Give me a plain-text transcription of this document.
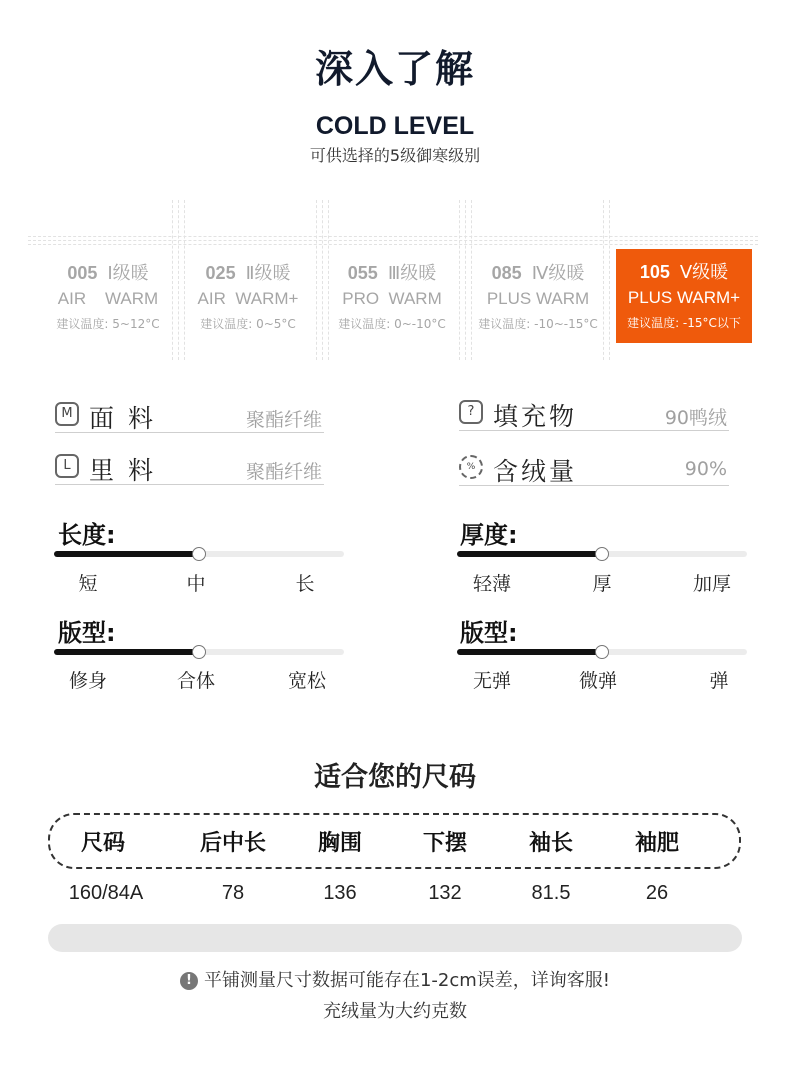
深入了解
COLD LEVEL
可供选择的5级御寒级别
005 Ⅰ级暖
AIR    WARM
建议温度: 5~12°C
025 Ⅱ级暖
AIR  WARM+
建议温度: 0~5°C
055 Ⅲ级暖
PRO  WARM
建议温度: 0~-10°C
085 Ⅳ级暖
PLUS WARM
建议温度: -10~-15°C
105 Ⅴ级暖
PLUS WARM+
建议温度: -15°C以下
M 面 料	聚酯纤维	? 填充物	90鸭绒
L 里 料	聚酯纤维	% 含绒量	90%
长度:
短	中	长
厚度:
轻薄	厚	加厚
版型:
修身	合体	宽松
版型:
无弹	微弹	弹
适合您的尺码
尺码	后中长	胸围	下摆	袖长	袖肥
160/84A	78	136	132	81.5	26
! 平铺测量尺寸数据可能存在1-2cm误差，详询客服!
充绒量为大约克数
